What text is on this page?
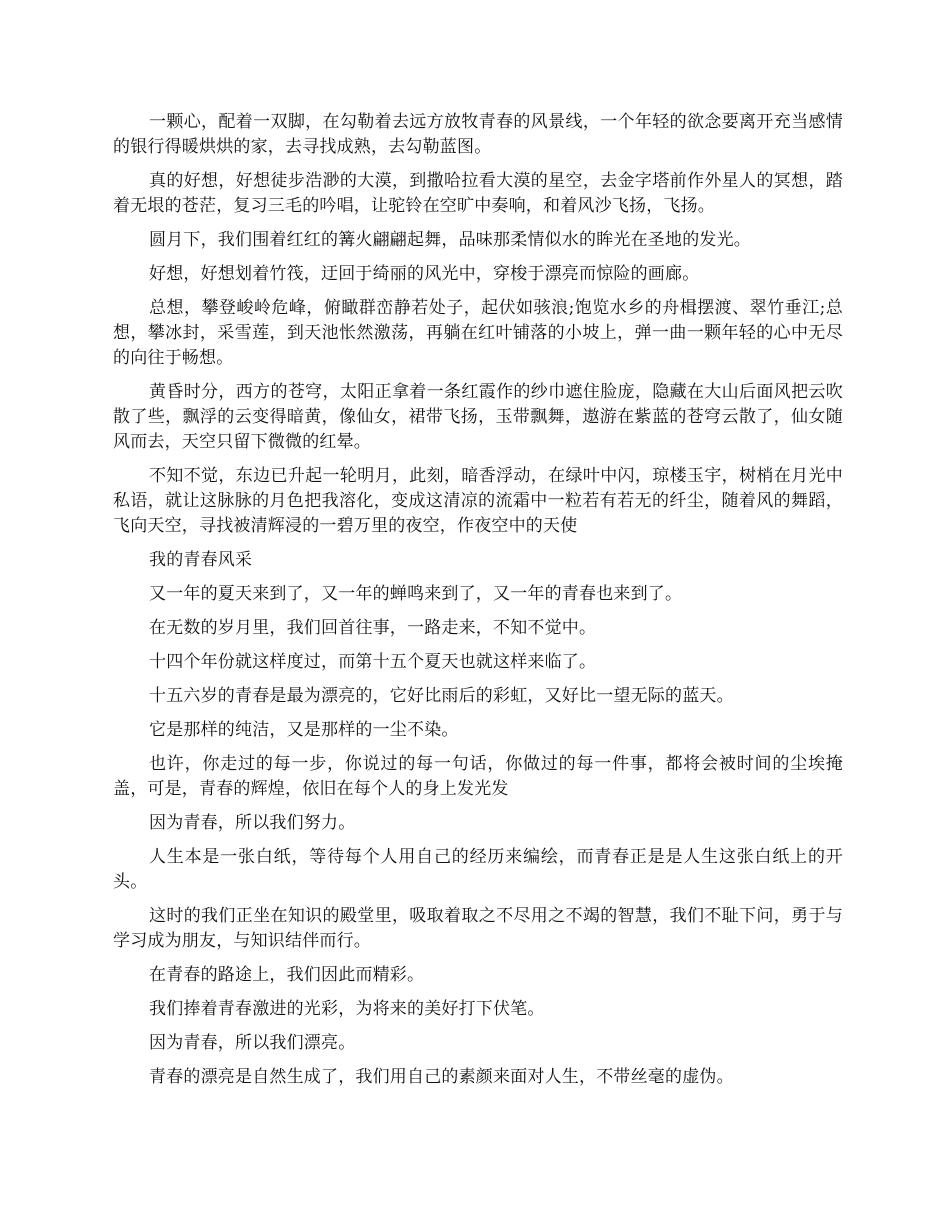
一颗心，配着一双脚，在勾勒着去远方放牧青春的风景线，一个年轻的欲念要离开充当感情的银行得暖烘烘的家，去寻找成熟，去勾勒蓝图。

真的好想，好想徒步浩渺的大漠，到撒哈拉看大漠的星空，去金字塔前作外星人的冥想，踏着无垠的苍茫，复习三毛的吟唱，让驼铃在空旷中奏响，和着风沙飞扬，飞扬。

圆月下，我们围着红红的篝火翩翩起舞，品味那柔情似水的眸光在圣地的发光。

好想，好想划着竹筏，迂回于绮丽的风光中，穿梭于漂亮而惊险的画廊。

总想，攀登峻岭危峰，俯瞰群峦静若处子，起伏如骇浪;饱览水乡的舟楫摆渡、翠竹垂江;总想，攀冰封，采雪莲，到天池怅然激荡，再躺在红叶铺落的小坡上，弹一曲一颗年轻的心中无尽的向往于畅想。

黄昏时分，西方的苍穹，太阳正拿着一条红霞作的纱巾遮住脸庞，隐藏在大山后面风把云吹散了些，飘浮的云变得暗黄，像仙女，裙带飞扬，玉带飘舞，遨游在紫蓝的苍穹云散了，仙女随风而去，天空只留下微微的红晕。

不知不觉，东边已升起一轮明月，此刻，暗香浮动，在绿叶中闪，琼楼玉宇，树梢在月光中私语，就让这脉脉的月色把我溶化，变成这清凉的流霜中一粒若有若无的纤尘，随着风的舞蹈，飞向天空，寻找被清辉浸的一碧万里的夜空，作夜空中的天使

我的青春风采

又一年的夏天来到了，又一年的蝉鸣来到了，又一年的青春也来到了。

在无数的岁月里，我们回首往事，一路走来，不知不觉中。

十四个年份就这样度过，而第十五个夏天也就这样来临了。

十五六岁的青春是最为漂亮的，它好比雨后的彩虹，又好比一望无际的蓝天。

它是那样的纯洁，又是那样的一尘不染。

也许，你走过的每一步，你说过的每一句话，你做过的每一件事，都将会被时间的尘埃掩盖，可是，青春的辉煌，依旧在每个人的身上发光发

因为青春，所以我们努力。

人生本是一张白纸，等待每个人用自己的经历来编绘，而青春正是是人生这张白纸上的开头。

这时的我们正坐在知识的殿堂里，吸取着取之不尽用之不竭的智慧，我们不耻下问，勇于与学习成为朋友，与知识结伴而行。

在青春的路途上，我们因此而精彩。

我们捧着青春激进的光彩，为将来的美好打下伏笔。

因为青春，所以我们漂亮。

青春的漂亮是自然生成了，我们用自己的素颜来面对人生，不带丝毫的虚伪。
